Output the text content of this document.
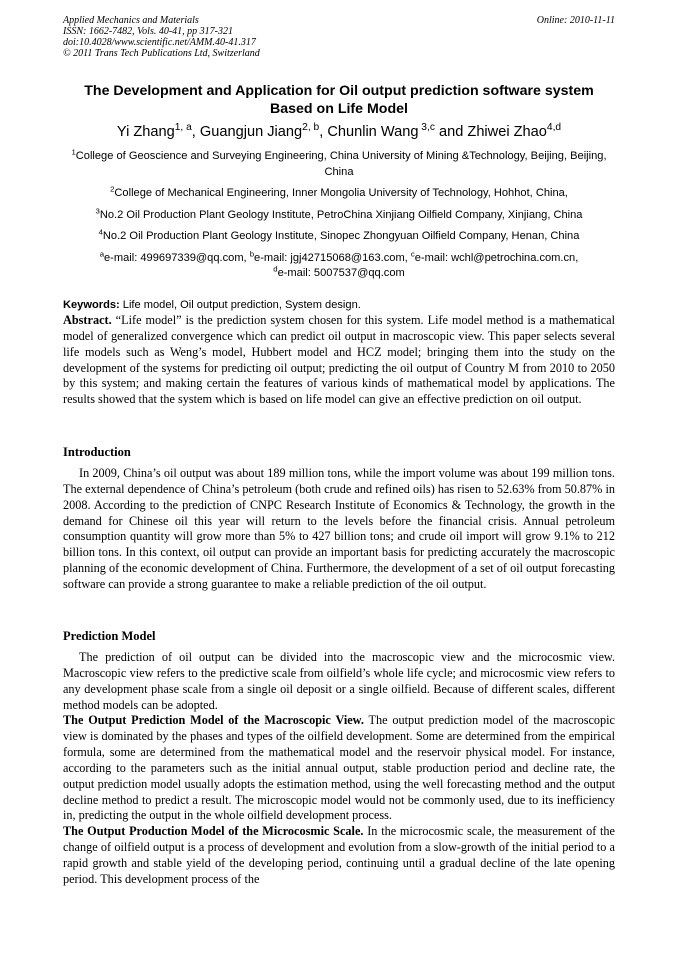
Applied Mechanics and Materials
ISSN: 1662-7482, Vols. 40-41, pp 317-321
doi:10.4028/www.scientific.net/AMM.40-41.317
© 2011 Trans Tech Publications Ltd, Switzerland
Online: 2010-11-11
The Development and Application for Oil output prediction software system Based on Life Model
Yi Zhang$^{1, a}$, Guangjun Jiang$^{2, b}$, Chunlin Wang $^{3,c}$ and Zhiwei Zhao$^{4,d}$
$^1$College of Geoscience and Surveying Engineering, China University of Mining &Technology, Beijing, Beijing, China
$^2$College of Mechanical Engineering, Inner Mongolia University of Technology, Hohhot, China,
$^3$No.2 Oil Production Plant Geology Institute, PetroChina Xinjiang Oilfield Company, Xinjiang, China
$^4$No.2 Oil Production Plant Geology Institute, Sinopec Zhongyuan Oilfield Company, Henan, China
$^a$e-mail: 499697339@qq.com, $^b$e-mail: jgj42715068@163.com, $^c$e-mail: wchl@petrochina.com.cn,
$^d$e-mail: 5007537@qq.com
Keywords: Life model, Oil output prediction, System design.

Abstract. “Life model” is the prediction system chosen for this system. Life model method is a mathematical model of generalized convergence which can predict oil output in macroscopic view. This paper selects several life models such as Weng’s model, Hubbert model and HCZ model; bringing them into the study on the development of the systems for predicting oil output; predicting the oil output of Country M from 2010 to 2050 by this system; and making certain the features of various kinds of mathematical model by applications. The results showed that the system which is based on life model can give an effective prediction on oil output.

Introduction

In 2009, China’s oil output was about 189 million tons, while the import volume was about 199 million tons. The external dependence of China’s petroleum (both crude and refined oils) has risen to 52.63% from 50.87% in 2008. According to the prediction of CNPC Research Institute of Economics & Technology, the growth in the demand for Chinese oil this year will return to the levels before the financial crisis. Annual petroleum consumption quantity will grow more than 5% to 427 billion tons; and crude oil import will grow 9.1% to 212 billion tons. In this context, oil output can provide an important basis for predicting accurately the macroscopic planning of the economic development of China. Furthermore, the development of a set of oil output forecasting software can provide a strong guarantee to make a reliable prediction of the oil output.

Prediction Model

The prediction of oil output can be divided into the macroscopic view and the microcosmic view. Macroscopic view refers to the predictive scale from oilfield’s whole life cycle; and microcosmic view refers to any development phase scale from a single oil deposit or a single oilfield. Because of different scales, different method models can be adopted.

The Output Prediction Model of the Macroscopic View. The output prediction model of the macroscopic view is dominated by the phases and types of the oilfield development. Some are determined from the empirical formula, some are determined from the mathematical model and the reservoir physical model. For instance, according to the parameters such as the initial annual output, stable production period and decline rate, the output prediction model usually adopts the estimation method, using the well forecasting method and the output decline method to predict a result. The microscopic model would not be commonly used, due to its inefficiency in, predicting the output in the whole oilfield development process.

The Output Production Model of the Microcosmic Scale. In the microcosmic scale, the measurement of the change of oilfield output is a process of development and evolution from a slow-growth of the initial period to a rapid growth and stable yield of the developing period, continuing until a gradual decline of the late opening period. This development process of the
